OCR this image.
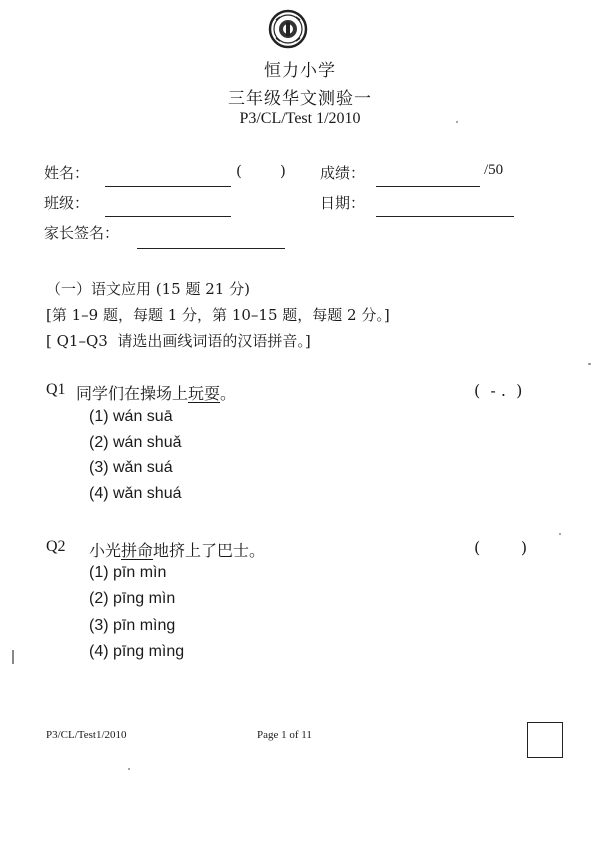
恒力小学
三年级华文测验一
P3/CL/Test 1/2010
姓名：	(        ) 成绩：	/50
班级：	日期：
家长签名：
（一）语文应用 (15 题 21 分)
[第 1–9 题，每题 1 分，第 10–15 题，每题 2 分。]
[ Q1–Q3  请选出画线词语的汉语拼音。]
Q1 同学们在操场上玩耍。	(  - .  )
(1) wán suā
(2) wán shuǎ
(3) wǎn suá
(4) wǎn shuá
Q2 小光拼命地挤上了巴士。	(        )
(1) pīn mìn
(2) pīng mìn
(3) pīn mìng
(4) pīng mìng
P3/CL/Test1/2010	Page 1 of 11
